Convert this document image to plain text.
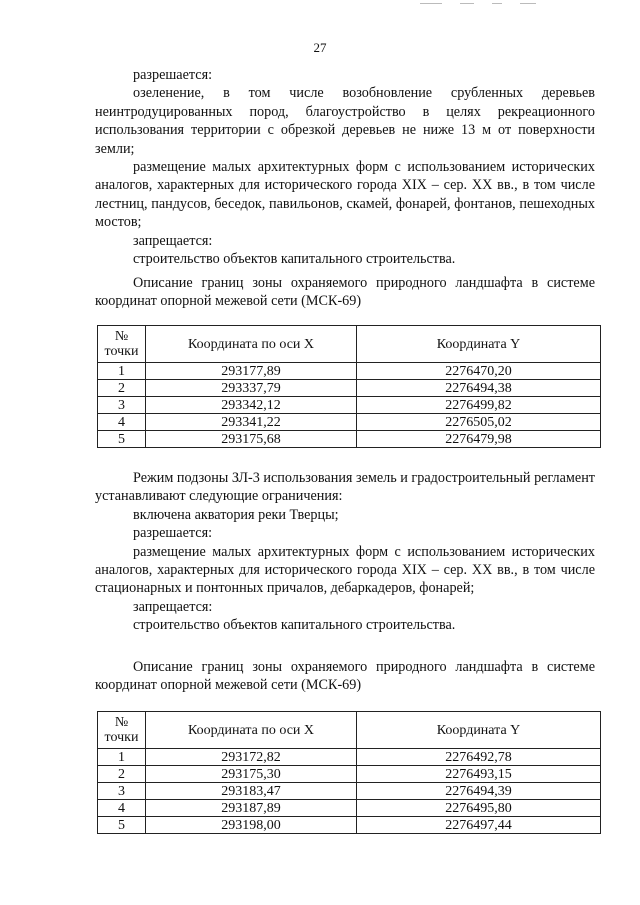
27

разрешается:

озеленение, в том числе возобновление срубленных деревьев неинтродуцированных пород, благоустройство в целях рекреационного использования территории с обрезкой деревьев не ниже 13 м от поверхности земли;

размещение малых архитектурных форм с использованием исторических аналогов, характерных для исторического города XIX – сер. XX вв., в том числе лестниц, пандусов, беседок, павильонов, скамей, фонарей, фонтанов, пешеходных мостов;

запрещается:

строительство объектов капитального строительства.

Описание границ зоны охраняемого природного ландшафта в системе координат опорной межевой сети (МСК-69)

№ точки	Координата по оси X	Координата Y
1	293177,89	2276470,20
2	293337,79	2276494,38
3	293342,12	2276499,82
4	293341,22	2276505,02
5	293175,68	2276479,98

Режим подзоны ЗЛ-3 использования земель и градостроительный регламент устанавливают следующие ограничения:

включена акватория реки Тверцы;

разрешается:

размещение малых архитектурных форм с использованием исторических аналогов, характерных для исторического города XIX – сер. XX вв., в том числе стационарных и понтонных причалов, дебаркадеров, фонарей;

запрещается:

строительство объектов капитального строительства.

Описание границ зоны охраняемого природного ландшафта в системе координат опорной межевой сети (МСК-69)

№ точки	Координата по оси X	Координата Y
1	293172,82	2276492,78
2	293175,30	2276493,15
3	293183,47	2276494,39
4	293187,89	2276495,80
5	293198,00	2276497,44
